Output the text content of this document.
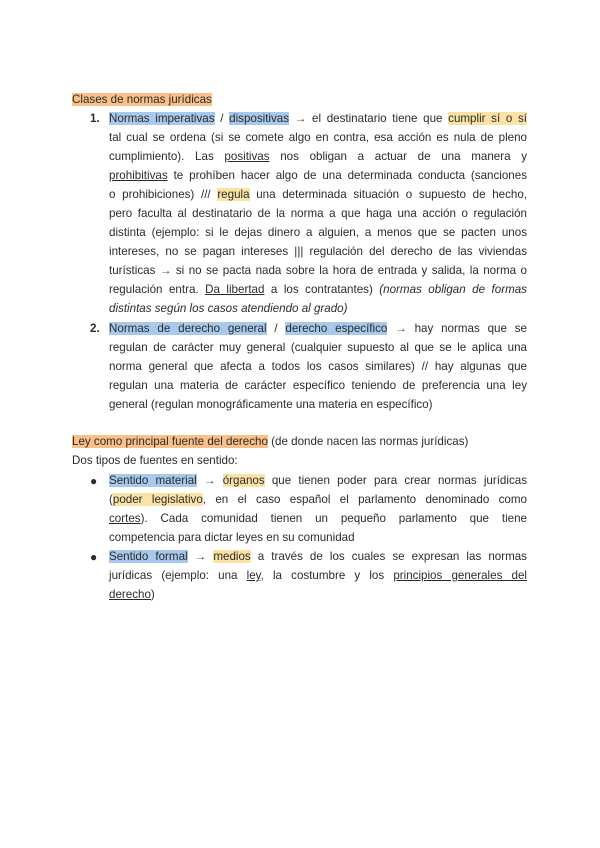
Clases de normas jurídicas
1. Normas imperativas / dispositivas → el destinatario tiene que cumplir sí o sí
tal cual se ordena (si se comete algo en contra, esa acción es nula de pleno
cumplimiento). Las positivas nos obligan a actuar de una manera y
prohibitivas te prohíben hacer algo de una determinada conducta (sanciones
o prohibiciones) /// regula una determinada situación o supuesto de hecho,
pero faculta al destinatario de la norma a que haga una acción o regulación
distinta (ejemplo: si le dejas dinero a alguien, a menos que se pacten unos
intereses, no se pagan intereses ||| regulación del derecho de las viviendas
turísticas → si no se pacta nada sobre la hora de entrada y salida, la norma o
regulación entra. Da libertad a los contratantes) (normas obligan de formas
distintas según los casos atendiendo al grado)
2. Normas de derecho general / derecho específico → hay normas que se
regulan de carácter muy general (cualquier supuesto al que se le aplica una
norma general que afecta a todos los casos similares) // hay algunas que
regulan una materia de carácter específico teniendo de preferencia una ley
general (regulan monográficamente una materia en específico)
Ley como principal fuente del derecho (de donde nacen las normas jurídicas)
Dos tipos de fuentes en sentido:
● Sentido material → órganos que tienen poder para crear normas jurídicas
(poder legislativo, en el caso español el parlamento denominado como
cortes). Cada comunidad tienen un pequeño parlamento que tiene
competencia para dictar leyes en su comunidad
● Sentido formal → medios a través de los cuales se expresan las normas
jurídicas (ejemplo: una ley, la costumbre y los principios generales del
derecho)
